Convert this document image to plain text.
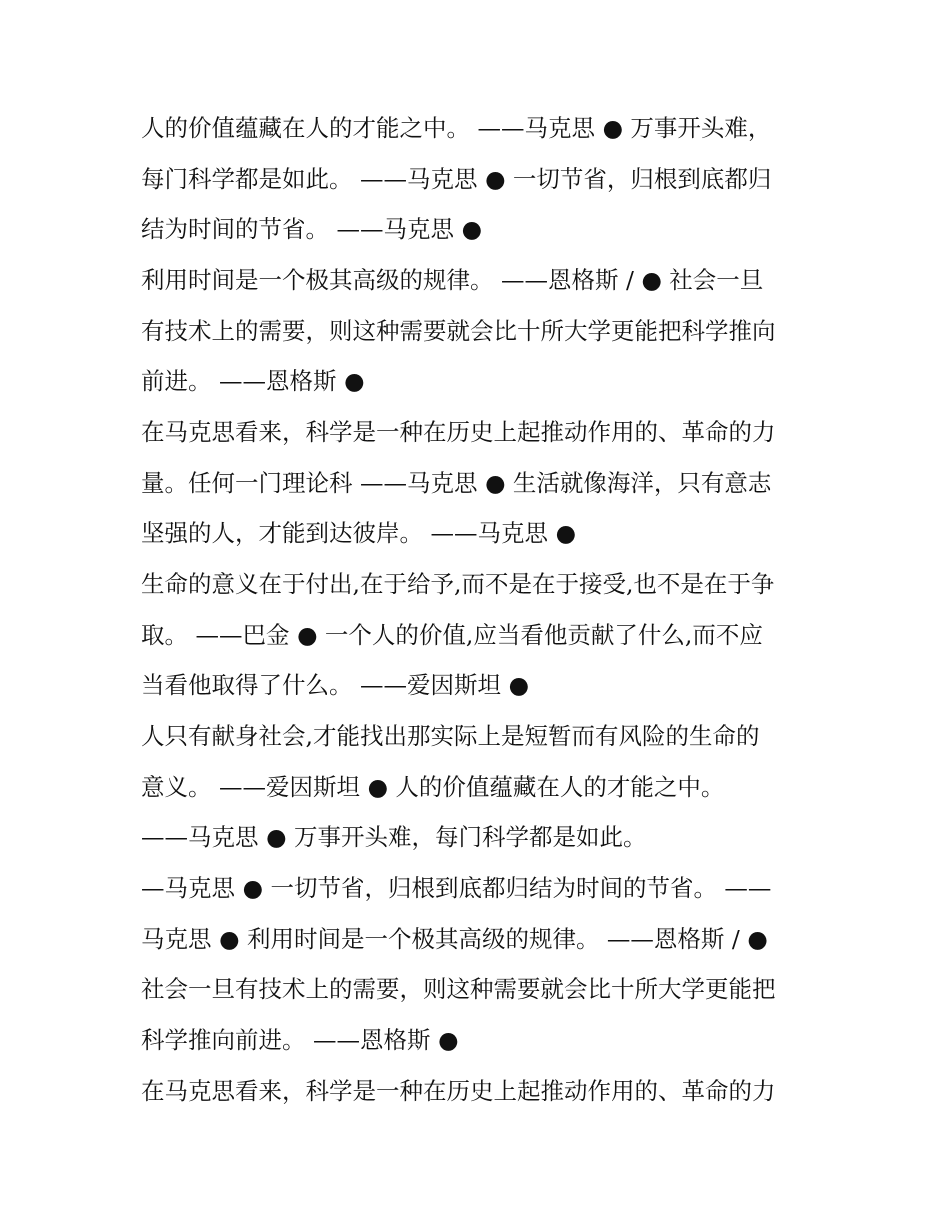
人的价值蕴藏在人的才能之中。 ——马克思 ● 万事开头难，

每门科学都是如此。 ——马克思 ● 一切节省，归根到底都归

结为时间的节省。 ——马克思 ●

利用时间是一个极其高级的规律。 ——恩格斯 / ● 社会一旦

有技术上的需要，则这种需要就会比十所大学更能把科学推向

前进。 ——恩格斯 ●

在马克思看来，科学是一种在历史上起推动作用的、革命的力

量。任何一门理论科 ——马克思 ● 生活就像海洋，只有意志

坚强的人，才能到达彼岸。 ——马克思 ●

生命的意义在于付出,在于给予,而不是在于接受,也不是在于争

取。 ——巴金 ● 一个人的价值,应当看他贡献了什么,而不应

当看他取得了什么。 ——爱因斯坦 ●

人只有献身社会,才能找出那实际上是短暂而有风险的生命的

意义。 ——爱因斯坦 ● 人的价值蕴藏在人的才能之中。

——马克思 ● 万事开头难，每门科学都是如此。

—马克思 ● 一切节省，归根到底都归结为时间的节省。 ——

马克思 ● 利用时间是一个极其高级的规律。 ——恩格斯 / ●

社会一旦有技术上的需要，则这种需要就会比十所大学更能把

科学推向前进。 ——恩格斯 ●

在马克思看来，科学是一种在历史上起推动作用的、革命的力
